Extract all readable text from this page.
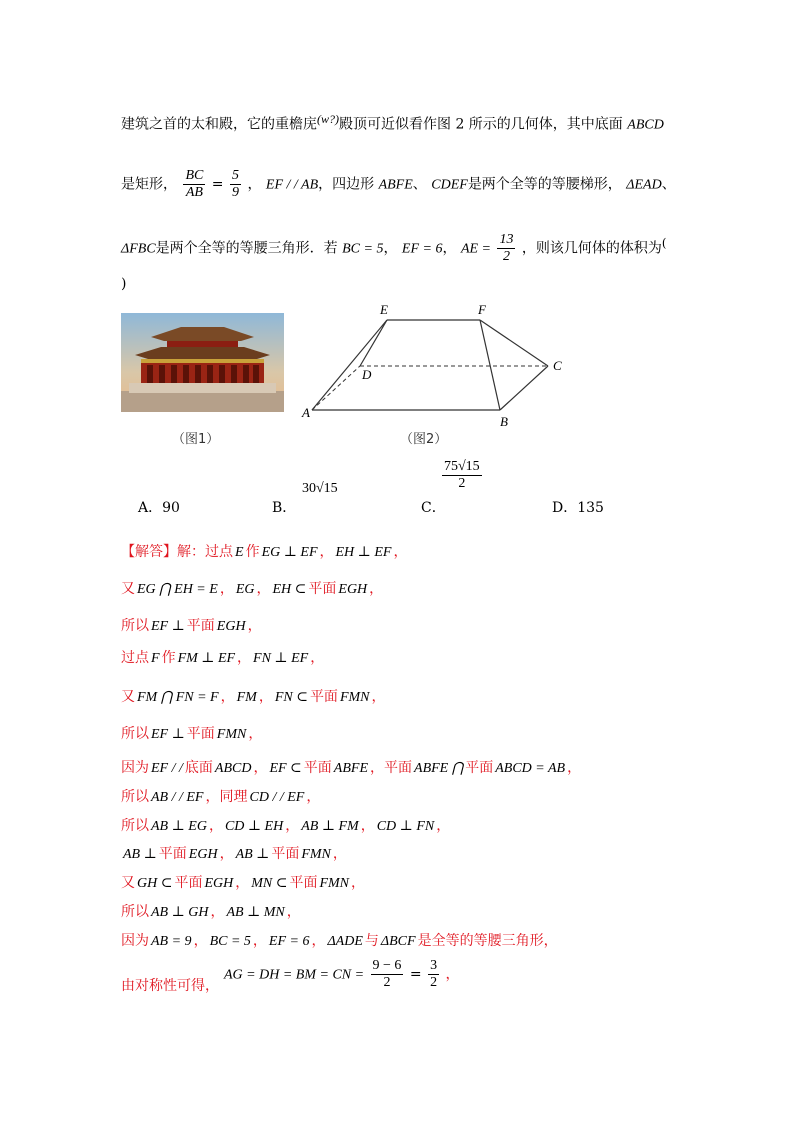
建筑之首的太和殿，它的重檐庑$^{(w?)}$殿顶可近似看作图 2 所示的几何体，其中底面 ABCD
是矩形， $\frac{BC}{AB} = \frac{5}{9}$ ， EF / / AB，四边形 ABFE、 CDEF是两个全等的等腰梯形， ΔEAD、
ΔFBC是两个全等的等腰三角形．若 BC = 5， EF = 6， AE = $\frac{13}{2}$ ，则该几何体的体积为(
)
（图1）
E	F
D
C
A
B
（图2）
A．90	B．
30√15
C．
$\frac{75√15}{2}$
D．135
【解答】解：过点 E 作 EG ⊥ EF ， EH ⊥ EF ，
又 EG ⋂ EH = E ， EG ， EH ⊂ 平面 EGH ，
所以 EF ⊥ 平面 EGH ，
过点 F 作 FM ⊥ EF ， FN ⊥ EF ，
又 FM ⋂ FN = F ， FM ， FN ⊂ 平面 FMN ，
所以 EF ⊥ 平面 FMN ，
因为 EF / / 底面 ABCD ， EF ⊂ 平面 ABFE ，平面 ABFE ⋂ 平面 ABCD = AB ，
所以 AB / / EF ，同理 CD / / EF ，
所以 AB ⊥ EG ， CD ⊥ EH ， AB ⊥ FM ， CD ⊥ FN ，
AB ⊥ 平面 EGH ， AB ⊥ 平面 FMN ，
又 GH ⊂ 平面 EGH ， MN ⊂ 平面 FMN ，
所以 AB ⊥ GH ， AB ⊥ MN ，
因为 AB = 9 ， BC = 5 ， EF = 6 ， ΔADE 与 ΔBCF 是全等的等腰三角形，
由对称性可得，
AG = DH = BM = CN = $\frac{9 - 6}{2} = \frac{3}{2}$ ，
